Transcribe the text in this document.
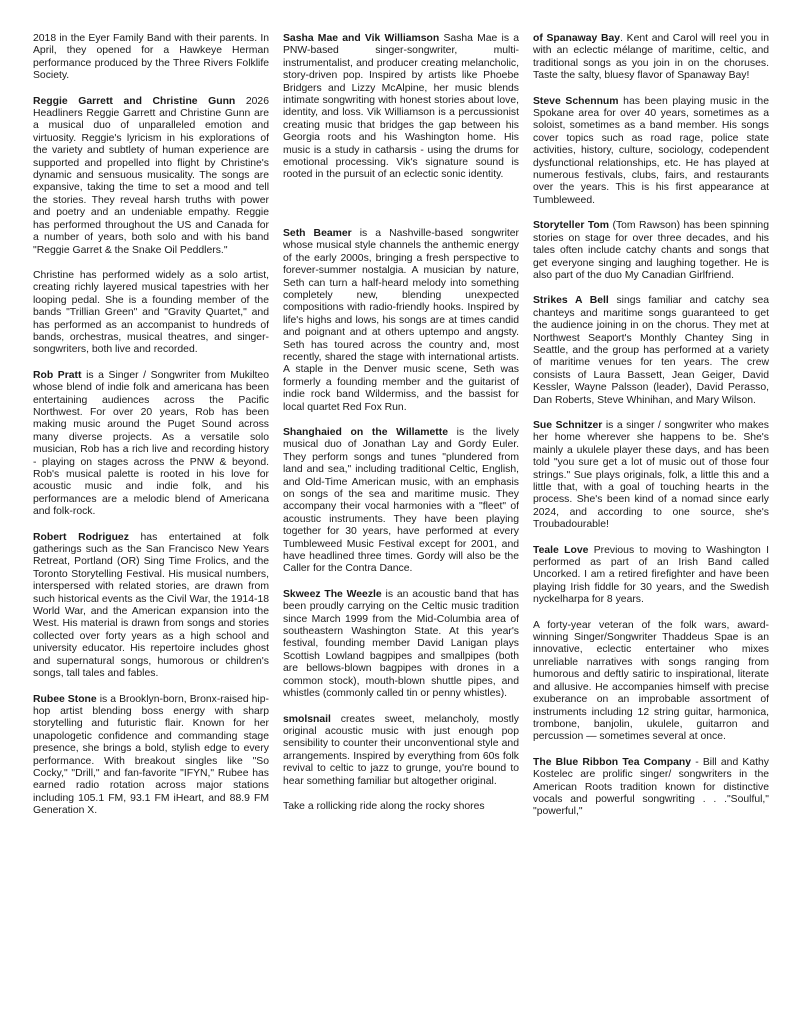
2018 in the Eyer Family Band with their parents. In April, they opened for a Hawkeye Herman performance produced by the Three Rivers Folklife Society.

Reggie Garrett and Christine Gunn 2026 Headliners Reggie Garrett and Christine Gunn are a musical duo of unparalleled emotion and virtuosity. Reggie's lyricism in his explorations of the variety and subtlety of human experience are supported and propelled into flight by Christine's dynamic and sensuous musicality. The songs are expansive, taking the time to set a mood and tell the stories. They reveal harsh truths with power and poetry and an undeniable empathy. Reggie has performed throughout the US and Canada for a number of years, both solo and with his band "Reggie Garret & the Snake Oil Peddlers."

Christine has performed widely as a solo artist, creating richly layered musical tapestries with her looping pedal. She is a founding member of the bands "Trillian Green" and "Gravity Quartet," and has performed as an accompanist to hundreds of bands, orchestras, musical theatres, and singer-songwriters, both live and recorded.

Rob Pratt is a Singer / Songwriter from Mukilteo whose blend of indie folk and americana has been entertaining audiences across the Pacific Northwest. For over 20 years, Rob has been making music around the Puget Sound across many diverse projects. As a versatile solo musician, Rob has a rich live and recording history - playing on stages across the PNW & beyond. Rob's musical palette is rooted in his love for acoustic music and indie folk, and his performances are a melodic blend of Americana and folk-rock.

Robert Rodriguez has entertained at folk gatherings such as the San Francisco New Years Retreat, Portland (OR) Sing Time Frolics, and the Toronto Storytelling Festival. His musical numbers, interspersed with related stories, are drawn from such historical events as the Civil War, the 1914-18 World War, and the American expansion into the West. His material is drawn from songs and stories collected over forty years as a high school and university educator. His repertoire includes ghost and supernatural songs, humorous or children's songs, tall tales and fables.

Rubee Stone is a Brooklyn-born, Bronx-raised hip-hop artist blending boss energy with sharp storytelling and futuristic flair. Known for her unapologetic confidence and commanding stage presence, she brings a bold, stylish edge to every performance. With breakout singles like "So Cocky," "Drill," and fan-favorite "IFYN," Rubee has earned radio rotation across major stations including 105.1 FM, 93.1 FM iHeart, and 88.9 FM Generation X.

Sasha Mae and Vik Williamson Sasha Mae is a PNW-based singer-songwriter, multi-instrumentalist, and producer creating melancholic, story-driven pop. Inspired by artists like Phoebe Bridgers and Lizzy McAlpine, her music blends intimate songwriting with honest stories about love, identity, and loss. Vik Williamson is a percussionist creating music that bridges the gap between his Georgia roots and his Washington home. His music is a study in catharsis - using the drums for emotional processing. Vik's signature sound is rooted in the pursuit of an eclectic sonic identity.

Seth Beamer is a Nashville-based songwriter whose musical style channels the anthemic energy of the early 2000s, bringing a fresh perspective to forever-summer nostalgia. A musician by nature, Seth can turn a half-heard melody into something completely new, blending unexpected compositions with radio-friendly hooks. Inspired by life's highs and lows, his songs are at times candid and poignant and at others uptempo and angsty. Seth has toured across the country and, most recently, shared the stage with international artists. A staple in the Denver music scene, Seth was formerly a founding member and the guitarist of indie rock band Wildermiss, and the bassist for local quartet Red Fox Run.

Shanghaied on the Willamette is the lively musical duo of Jonathan Lay and Gordy Euler. They perform songs and tunes "plundered from land and sea," including traditional Celtic, English, and Old-Time American music, with an emphasis on songs of the sea and maritime music. They accompany their vocal harmonies with a "fleet" of acoustic instruments. They have been playing together for 30 years, have performed at every Tumbleweed Music Festival except for 2001, and have headlined three times. Gordy will also be the Caller for the Contra Dance.

Skweez The Weezle is an acoustic band that has been proudly carrying on the Celtic music tradition since March 1999 from the Mid-Columbia area of southeastern Washington State. At this year's festival, founding member David Lanigan plays Scottish Lowland bagpipes and smallpipes (both are bellows-blown bagpipes with drones in a common stock), mouth-blown shuttle pipes, and whistles (commonly called tin or penny whistles).

smolsnail creates sweet, melancholy, mostly original acoustic music with just enough pop sensibility to counter their unconventional style and arrangements. Inspired by everything from 60s folk revival to celtic to jazz to grunge, you're bound to hear something familiar but altogether original.

Take a rollicking ride along the rocky shores

of Spanaway Bay. Kent and Carol will reel you in with an eclectic mélange of maritime, celtic, and traditional songs as you join in on the choruses. Taste the salty, bluesy flavor of Spanaway Bay!

Steve Schennum has been playing music in the Spokane area for over 40 years, sometimes as a soloist, sometimes as a band member. His songs cover topics such as road rage, police state activities, history, culture, sociology, codependent dysfunctional relationships, etc. He has played at numerous festivals, clubs, fairs, and restaurants over the years. This is his first appearance at Tumbleweed.

Storyteller Tom (Tom Rawson) has been spinning stories on stage for over three decades, and his tales often include catchy chants and songs that get everyone singing and laughing together. He is also part of the duo My Canadian Girlfriend.

Strikes A Bell sings familiar and catchy sea chanteys and maritime songs guaranteed to get the audience joining in on the chorus. They met at Northwest Seaport's Monthly Chantey Sing in Seattle, and the group has performed at a variety of maritime venues for ten years. The crew consists of Laura Bassett, Jean Geiger, David Kessler, Wayne Palsson (leader), David Perasso, Dan Roberts, Steve Whinihan, and Mary Wilson.

Sue Schnitzer is a singer / songwriter who makes her home wherever she happens to be. She's mainly a ukulele player these days, and has been told "you sure get a lot of music out of those four strings." Sue plays originals, folk, a little this and a little that, with a goal of touching hearts in the process. She's been kind of a nomad since early 2024, and according to one source, she's Troubadourable!

Teale Love Previous to moving to Washington I performed as part of an Irish Band called Uncorked. I am a retired firefighter and have been playing Irish fiddle for 30 years, and the Swedish nyckelharpa for 8 years.

A forty-year veteran of the folk wars, award-winning Singer/Songwriter Thaddeus Spae is an innovative, eclectic entertainer who mixes unreliable narratives with songs ranging from humorous and deftly satiric to inspirational, literate and allusive. He accompanies himself with precise exuberance on an improbable assortment of instruments including 12 string guitar, harmonica, trombone, banjolin, ukulele, guitarron and percussion — sometimes several at once.

The Blue Ribbon Tea Company - Bill and Kathy Kostelec are prolific singer/ songwriters in the American Roots tradition known for distinctive vocals and powerful songwriting . . ."Soulful," "powerful,"
